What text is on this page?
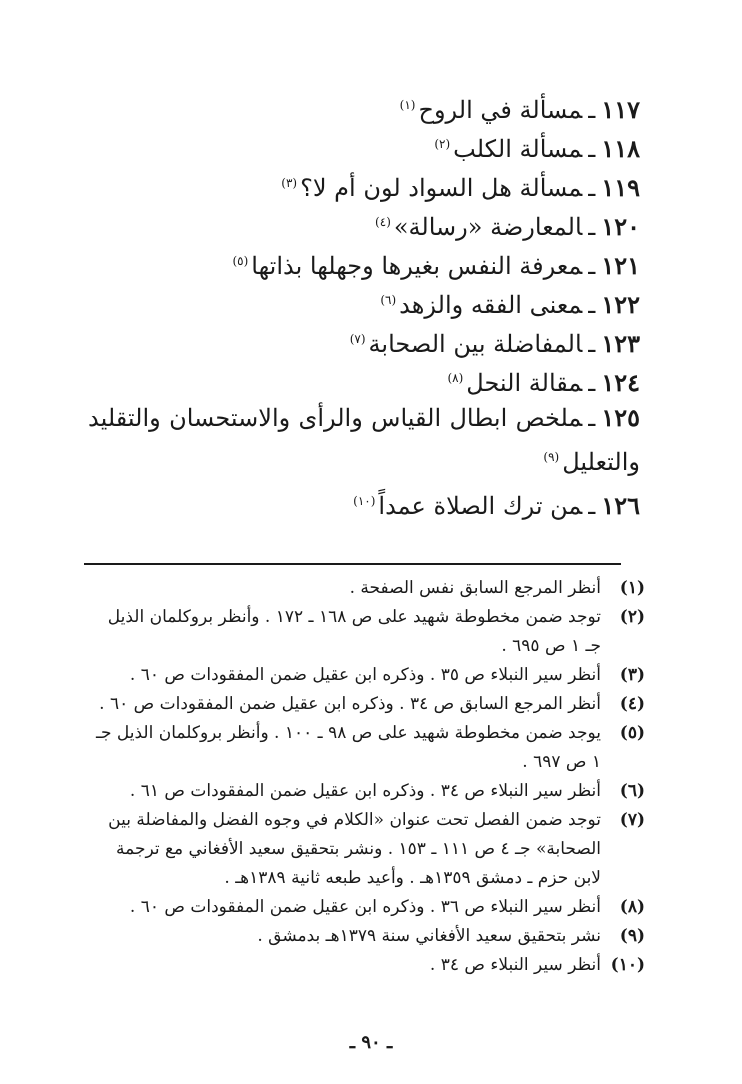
١١٧ـمسألة في الروح$^{(١)}$
١١٨ـمسألة الكلب$^{(٢)}$
١١٩ـمسألة هل السواد لون أم لا؟$^{(٣)}$
١٢٠ـالمعارضة «رسالة»$^{(٤)}$
١٢١ـمعرفة النفس بغيرها وجهلها بذاتها$^{(٥)}$
١٢٢ـمعنى الفقه والزهد$^{(٦)}$
١٢٣ـالمفاضلة بين الصحابة$^{(٧)}$
١٢٤ـمقالة النحل$^{(٨)}$
١٢٥ـملخص ابطال القياس والرأى والاستحسان والتقليد والتعليل$^{(٩)}$
١٢٦ـمن ترك الصلاة عمداً$^{(١٠)}$
(١)
أنظر المرجع السابق نفس الصفحة .
(٢)
توجد ضمن مخطوطة شهيد على ص ١٦٨ ـ ١٧٢ . وأنظر بروكلمان الذيل جـ ١ ص ٦٩٥ .
(٣)
أنظر سير النبلاء ص ٣٥ . وذكره ابن عقيل ضمن المفقودات ص ٦٠ .
(٤)
أنظر المرجع السابق ص ٣٤ . وذكره ابن عقيل ضمن المفقودات ص ٦٠ .
(٥)
يوجد ضمن مخطوطة شهيد على ص ٩٨ ـ ١٠٠ . وأنظر بروكلمان الذيل جـ ١ ص ٦٩٧ .
(٦)
أنظر سير النبلاء ص ٣٤ . وذكره ابن عقيل ضمن المفقودات ص ٦١ .
(٧)
توجد ضمن الفصل تحت عنوان «الكلام في وجوه الفضل والمفاضلة بين الصحابة» جـ ٤ ص ١١١ ـ ١٥٣ . ونشر بتحقيق سعيد الأفغاني مع ترجمة لابن حزم ـ دمشق ١٣٥٩هـ . وأعيد طبعه ثانية ١٣٨٩هـ .
(٨)
أنظر سير النبلاء ص ٣٦ . وذكره ابن عقيل ضمن المفقودات ص ٦٠ .
(٩)
نشر بتحقيق سعيد الأفغاني سنة ١٣٧٩هـ بدمشق .
(١٠)
أنظر سير النبلاء ص ٣٤ .
ـ ٩٠ ـ
